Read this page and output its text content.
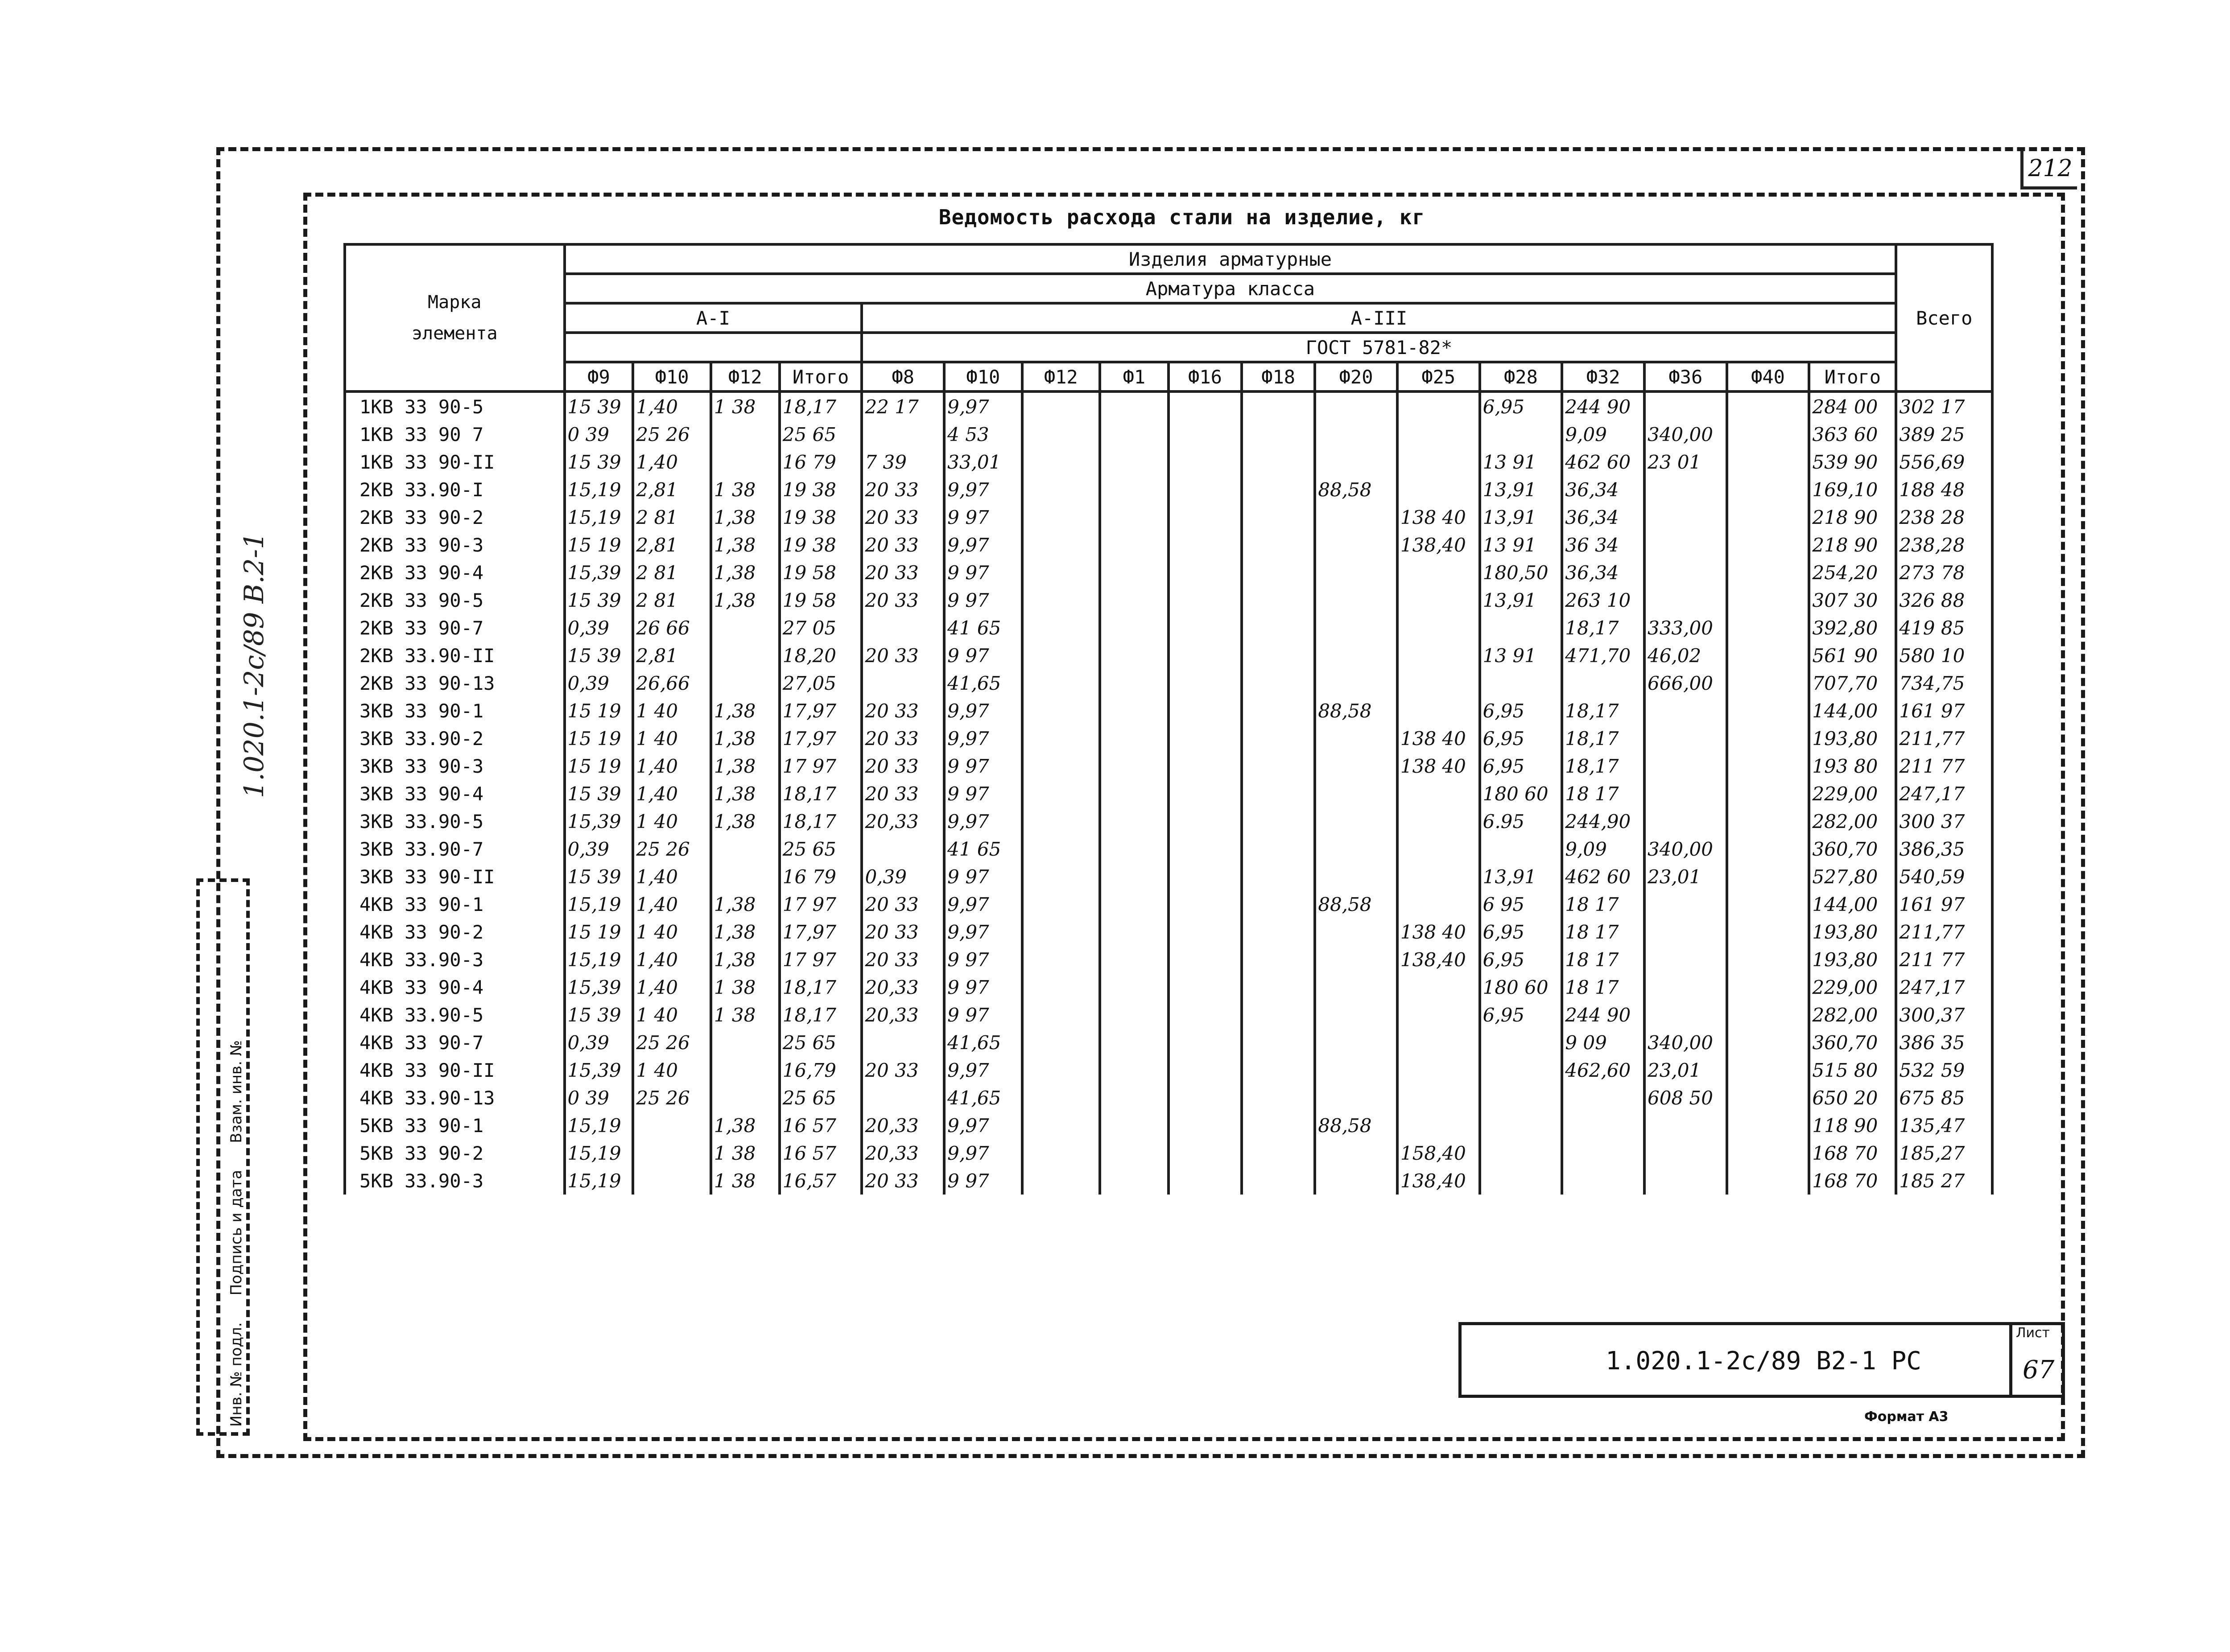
212
1.020.1-2с/89 В.2-1
Ведомость расхода стали на изделие, кг
Марка
элемента	Изделия арматурные																	Всего
	Арматура класса																	
	А-I				А-III													
					ГОСТ 5781-82*													
	Ф9	Ф10	Ф12	Итого	Ф8	Ф10	Ф12	Ф1	Ф16	Ф18	Ф20	Ф25	Ф28	Ф32	Ф36	Ф40	Итого	
1КВ 33 90-5	15 39	1,40	1 38	18,17	22 17	9,97							6,95	244 90			284 00	302 17
1КВ 33 90 7	0 39	25 26		25 65		4 53								9,09	340,00		363 60	389 25
1КВ 33 90-II	15 39	1,40		16 79	7 39	33,01							13 91	462 60	23 01		539 90	556,69
2КВ 33.90-I	15,19	2,81	1 38	19 38	20 33	9,97					88,58		13,91	36,34			169,10	188 48
2КВ 33 90-2	15,19	2 81	1,38	19 38	20 33	9 97						138 40	13,91	36,34			218 90	238 28
2КВ 33 90-3	15 19	2,81	1,38	19 38	20 33	9,97						138,40	13 91	36 34			218 90	238,28
2КВ 33 90-4	15,39	2 81	1,38	19 58	20 33	9 97							180,50	36,34			254,20	273 78
2КВ 33 90-5	15 39	2 81	1,38	19 58	20 33	9 97							13,91	263 10			307 30	326 88
2КВ 33 90-7	0,39	26 66		27 05		41 65								18,17	333,00		392,80	419 85
2КВ 33.90-II	15 39	2,81		18,20	20 33	9 97							13 91	471,70	46,02		561 90	580 10
2КВ 33 90-13	0,39	26,66		27,05		41,65									666,00		707,70	734,75
3КВ 33 90-1	15 19	1 40	1,38	17,97	20 33	9,97					88,58		6,95	18,17			144,00	161 97
3КВ 33.90-2	15 19	1 40	1,38	17,97	20 33	9,97						138 40	6,95	18,17			193,80	211,77
3КВ 33 90-3	15 19	1,40	1,38	17 97	20 33	9 97						138 40	6,95	18,17			193 80	211 77
3КВ 33 90-4	15 39	1,40	1,38	18,17	20 33	9 97							180 60	18 17			229,00	247,17
3КВ 33.90-5	15,39	1 40	1,38	18,17	20,33	9,97							6.95	244,90			282,00	300 37
3КВ 33.90-7	0,39	25 26		25 65		41 65								9,09	340,00		360,70	386,35
3КВ 33 90-II	15 39	1,40		16 79	0,39	9 97							13,91	462 60	23,01		527,80	540,59
4КВ 33 90-1	15,19	1,40	1,38	17 97	20 33	9,97					88,58		6 95	18 17			144,00	161 97
4КВ 33 90-2	15 19	1 40	1,38	17,97	20 33	9,97						138 40	6,95	18 17			193,80	211,77
4КВ 33.90-3	15,19	1,40	1,38	17 97	20 33	9 97						138,40	6,95	18 17			193,80	211 77
4КВ 33 90-4	15,39	1,40	1 38	18,17	20,33	9 97							180 60	18 17			229,00	247,17
4КВ 33.90-5	15 39	1 40	1 38	18,17	20,33	9 97							6,95	244 90			282,00	300,37
4КВ 33 90-7	0,39	25 26		25 65		41,65								9 09	340,00		360,70	386 35
4КВ 33 90-II	15,39	1 40		16,79	20 33	9,97								462,60	23,01		515 80	532 59
4КВ 33.90-13	0 39	25 26		25 65		41,65									608 50		650 20	675 85
5КВ 33 90-1	15,19		1,38	16 57	20,33	9,97					88,58						118 90	135,47
5КВ 33 90-2	15,19		1 38	16 57	20,33	9,97						158,40					168 70	185,27
5КВ 33.90-3	15,19		1 38	16,57	20 33	9 97						138,40					168 70	185 27
1.020.1-2с/89 В2-1 РС
Лист
67
Формат А3
Инв. № подл.
Подпись и дата
Взам. инв. №
